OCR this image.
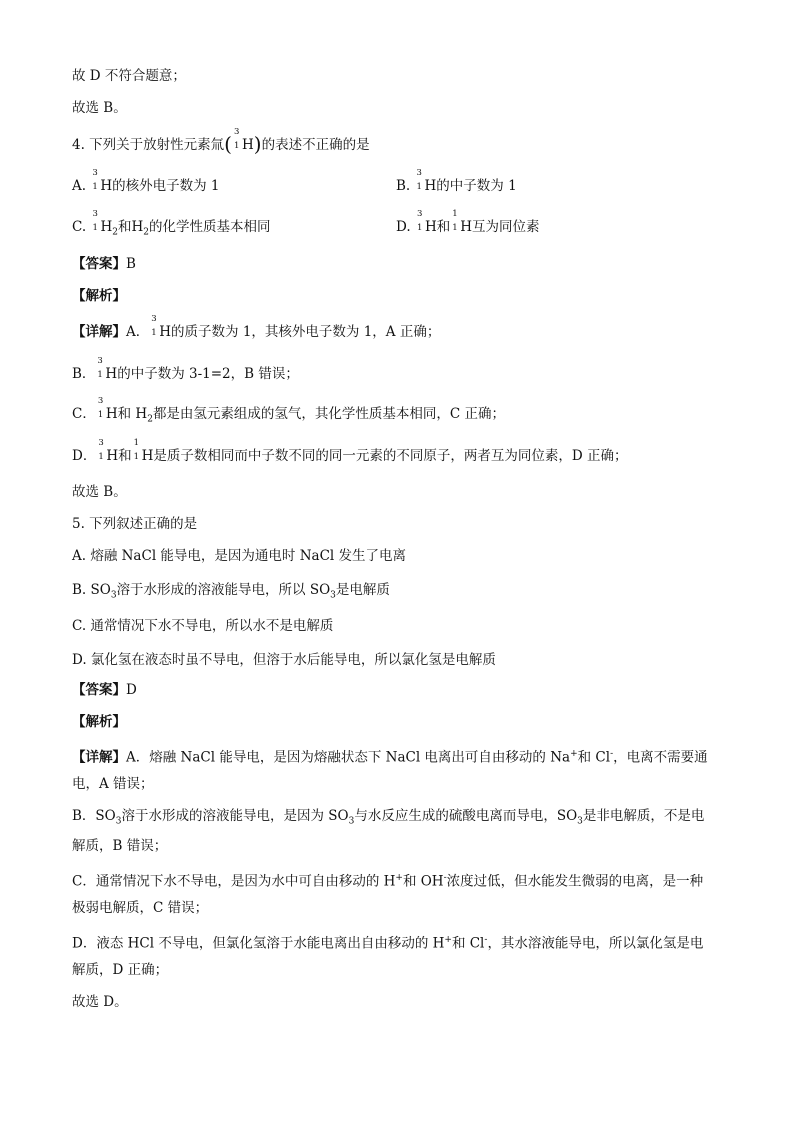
故 D 不符合题意；
故选 B。
4. 下列关于放射性元素氚( 3
1 H)的表述不正确的是
A.
3
1 H的核外电子数为 1	B.
3
1 H的中子数为 1
C.
3
1 $H_2$和$H_2$的化学性质基本相同	D.
3
1 H和
1
1 H互为同位素
【答案】B
【解析】
【详解】A．
3
1 H的质子数为 1，其核外电子数为 1，A 正确；
B．
3
1 H的中子数为 3-1=2，B 错误；
C．
3
1 H和 $H_2$都是由氢元素组成的氢气，其化学性质基本相同，C 正确；
D．
3
1 H和
1
1 H是质子数相同而中子数不同的同一元素的不同原子，两者互为同位素，D 正确；
故选 B。
5. 下列叙述正确的是
A. 熔融 NaCl 能导电，是因为通电时 NaCl 发生了电离
B. $SO_3$溶于水形成的溶液能导电，所以 $SO_3$是电解质
C. 通常情况下水不导电，所以水不是电解质
D. 氯化氢在液态时虽不导电，但溶于水后能导电，所以氯化氢是电解质
【答案】D
【解析】
【详解】A．熔融 NaCl 能导电，是因为熔融状态下 NaCl 电离出可自由移动的 Na+和 Cl-，电离不需要通
电，A 错误；
B．$SO_3$溶于水形成的溶液能导电，是因为 $SO_3$与水反应生成的硫酸电离而导电，$SO_3$是非电解质，不是电
解质，B 错误；
C．通常情况下水不导电，是因为水中可自由移动的 H+和 OH-浓度过低，但水能发生微弱的电离，是一种
极弱电解质，C 错误；
D．液态 HCl 不导电，但氯化氢溶于水能电离出自由移动的 H+和 Cl-，其水溶液能导电，所以氯化氢是电
解质，D 正确；
故选 D。
